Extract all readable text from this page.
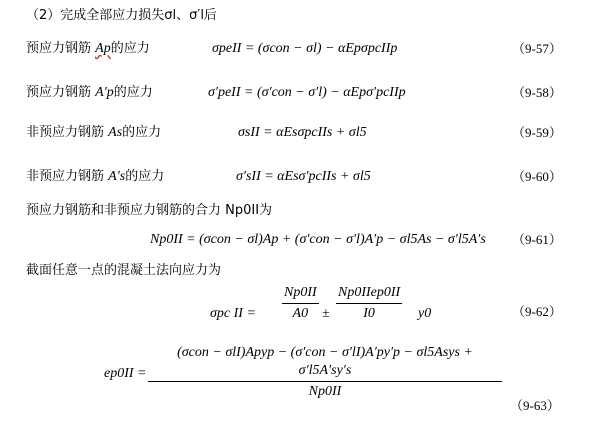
（2）完成全部应力损失σl、σ′l后
预应力钢筋 Ap的应力	σpeII = (σcon − σl) − αEpσpcIIp	（9-57）
预应力钢筋 A′p的应力	σ′peII = (σ′con − σ′l) − αEpσ′pcIIp	（9-58）
非预应力钢筋 As的应力	σsII = αEsσpcIIs + σl5	（9-59）
非预应力钢筋 A′s的应力	σ′sII = αEsσ′pcIIs + σl5	（9-60）
预应力钢筋和非预应力钢筋的合力 Np0II为
Np0II = (σcon − σl)Ap + (σ′con − σ′l)A′p − σl5As − σ′l5A′s （9-61）
截面任意一点的混凝土法向应力为
σpc II =
Np0II
A0 ±
Np0IIep0II
I0	y0	（9-62）
ep0II =
(σcon − σlI)Apyp − (σ′con − σ′lI)A′py′p − σl5Asys + σ′l5A′sy′s
Np0II
（9-63）
